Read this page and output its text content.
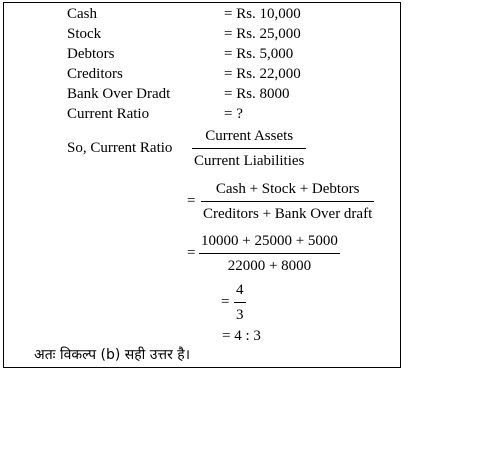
Cash	= Rs. 10,000
Stock	= Rs. 25,000
Debtors	= Rs. 5,000
Creditors	= Rs. 22,000
Bank Over Dradt	= Rs. 8000
Current Ratio	= ?
So, Current Ratio
Current Assets
Current Liabilities
=
Cash + Stock + Debtors
Creditors + Bank Over draft
=
10000 + 25000 + 5000
22000 + 8000
=
4
3
= 4 : 3
अतः विकल्प (b) सही उत्तर है।
